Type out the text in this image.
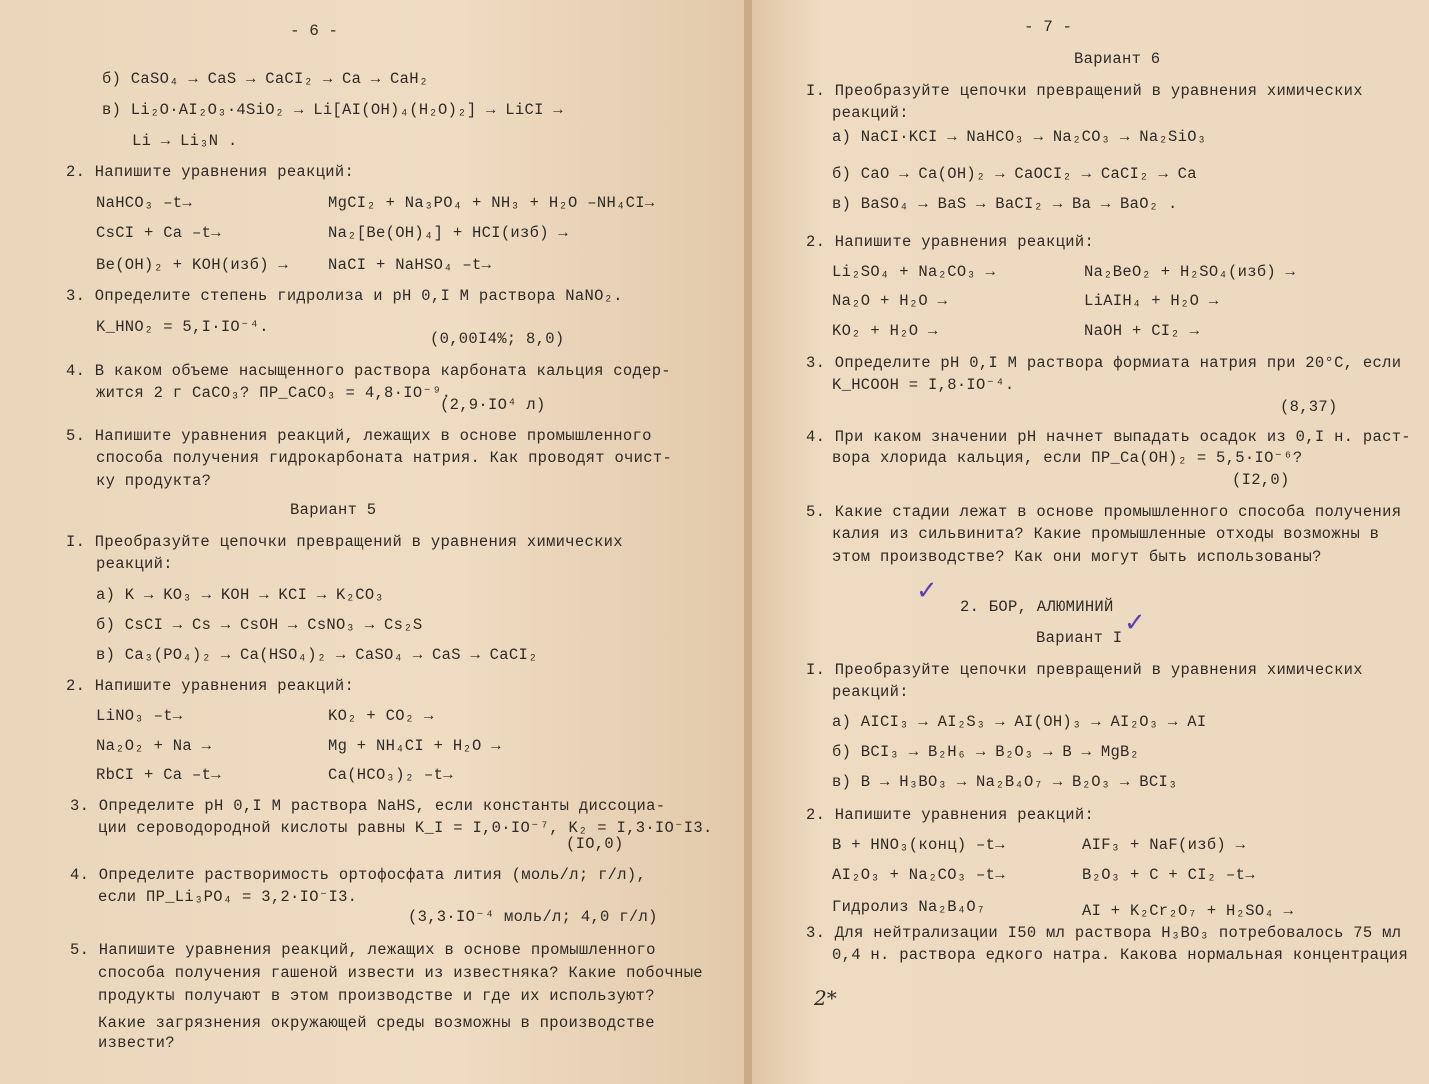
- 6 -
б) CaSO₄ → CaS → CaCI₂ → Ca → CaH₂
в) Li₂O·AI₂O₃·4SiO₂ → Li[AI(OH)₄(H₂O)₂] → LiCI →
Li → Li₃N .
2. Напишите уравнения реакций:
NaHCO₃ –t→	MgCI₂ + Na₃PO₄ + NH₃ + H₂O –NH₄CI→
CsCI + Ca –t→	Na₂[Be(OH)₄] + HCI(изб) →
Be(OH)₂ + KOH(изб) →	NaCI + NaHSO₄ –t→
3. Определите степень гидролиза и pH 0,I M раствора NaNO₂.
K_HNO₂ = 5,I·IO⁻⁴.
(0,00I4%; 8,0)
4. В каком объеме насыщенного раствора карбоната кальция содер-
жится 2 г CaCO₃? ПР_CaCO₃ = 4,8·IO⁻⁹.
(2,9·IO⁴ л)
5. Напишите уравнения реакций, лежащих в основе промышленного
способа получения гидрокарбоната натрия. Как проводят очист-
ку продукта?
Вариант 5
I. Преобразуйте цепочки превращений в уравнения химических
реакций:
а) K → KO₃ → KOH → KCI → K₂CO₃
б) CsCI → Cs → CsOH → CsNO₃ → Cs₂S
в) Ca₃(PO₄)₂ → Ca(HSO₄)₂ → CaSO₄ → CaS → CaCI₂
2. Напишите уравнения реакций:
LiNO₃ –t→	KO₂ + CO₂ →
Na₂O₂ + Na →	Mg + NH₄CI + H₂O →
RbCI + Ca –t→	Ca(HCO₃)₂ –t→
3. Определите pH 0,I M раствора NaHS, если константы диссоциа-
ции сероводородной кислоты равны K_I = I,0·IO⁻⁷, K₂ = I,3·IO⁻I3.
(IO,0)
4. Определите растворимость ортофосфата лития (моль/л; г/л),
если ПР_Li₃PO₄ = 3,2·IO⁻I3.
(3,3·IO⁻⁴ моль/л; 4,0 г/л)
5. Напишите уравнения реакций, лежащих в основе промышленного
способа получения гашеной извести из известняка? Какие побочные
продукты получают в этом производстве и где их используют?
Какие загрязнения окружающей среды возможны в производстве
извести?
- 7 -
Вариант 6
I. Преобразуйте цепочки превращений в уравнения химических
реакций:
а) NaCI·KCI → NaHCO₃ → Na₂CO₃ → Na₂SiO₃
б) CaO → Ca(OH)₂ → CaOCI₂ → CaCI₂ → Ca
в) BaSO₄ → BaS → BaCI₂ → Ba → BaO₂ .
2. Напишите уравнения реакций:
Li₂SO₄ + Na₂CO₃ →	Na₂BeO₂ + H₂SO₄(изб) →
Na₂O + H₂O →	LiAIH₄ + H₂O →
KO₂ + H₂O →	NaOH + CI₂ →
3. Определите pH 0,I M раствора формиата натрия при 20°C, если
K_HCOOH = I,8·IO⁻⁴.
(8,37)
4. При каком значении pH начнет выпадать осадок из 0,I н. раст-
вора хлорида кальция, если ПР_Ca(OH)₂ = 5,5·IO⁻⁶?
(I2,0)
5. Какие стадии лежат в основе промышленного способа получения
калия из сильвинита? Какие промышленные отходы возможны в
этом производстве? Как они могут быть использованы?
✓
2. БОР, АЛЮМИНИЙ
Вариант I ✓
I. Преобразуйте цепочки превращений в уравнения химических
реакций:
а) AICI₃ → AI₂S₃ → AI(OH)₃ → AI₂O₃ → AI
б) BCI₃ → B₂H₆ → B₂O₃ → B → MgB₂
в) B → H₃BO₃ → Na₂B₄O₇ → B₂O₃ → BCI₃
2. Напишите уравнения реакций:
B + HNO₃(конц) –t→	AIF₃ + NaF(изб) →
AI₂O₃ + Na₂CO₃ –t→	B₂O₃ + C + CI₂ –t→
Гидролиз Na₂B₄O₇	AI + K₂Cr₂O₇ + H₂SO₄ →
3. Для нейтрализации I50 мл раствора H₃BO₃ потребовалось 75 мл
0,4 н. раствора едкого натра. Какова нормальная концентрация
2*
